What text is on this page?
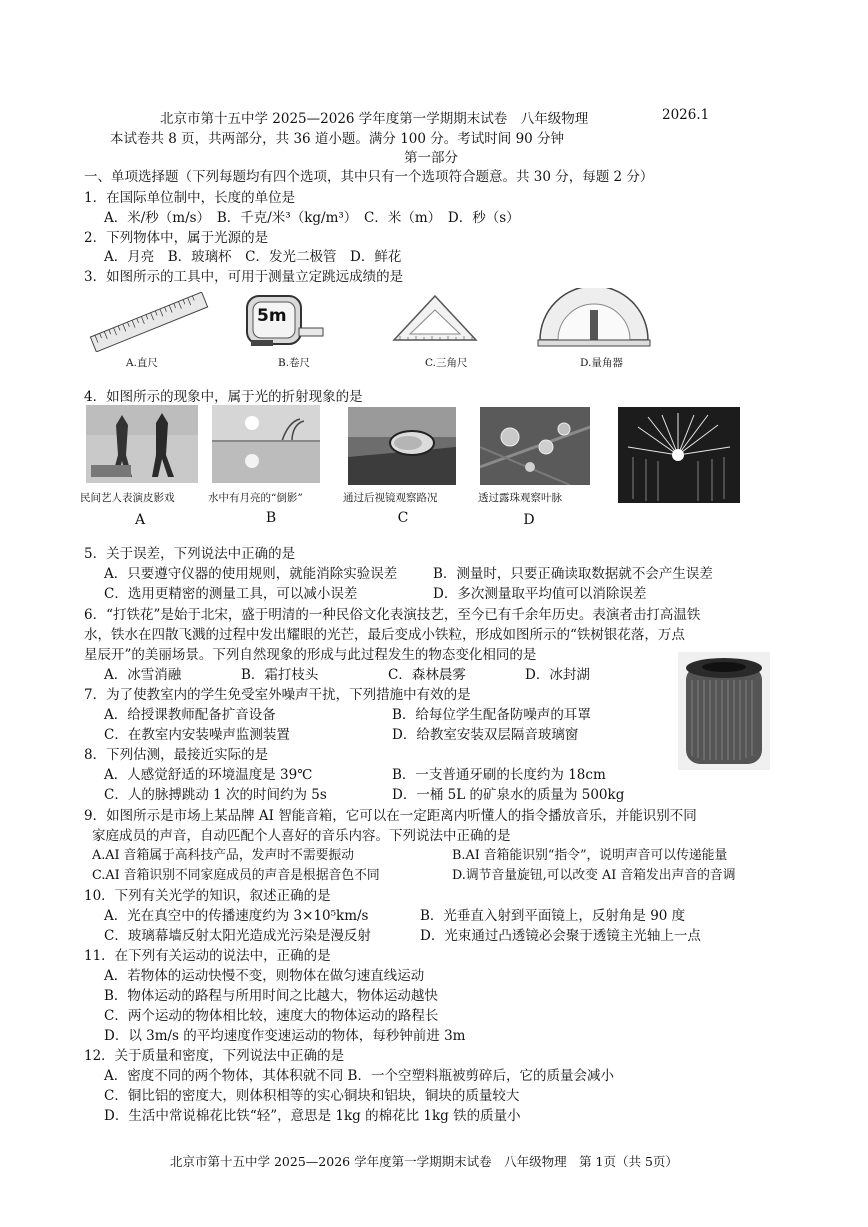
北京市第十五中学 2025—2026 学年度第一学期期末试卷　八年级物理	2026.1
本试卷共 8 页，共两部分，共 36 道小题。满分 100 分。考试时间 90 分钟
第一部分
一、单项选择题（下列每题均有四个选项，其中只有一个选项符合题意。共 30 分，每题 2 分）
1．在国际单位制中，长度的单位是
A．米/秒（m/s）　B．千克/米³（kg/m³）　C．米（m）　D．秒（s）
2．下列物体中，属于光源的是
A．月亮　B．玻璃杯　C．发光二极管　D．鲜花
3．如图所示的工具中，可用于测量立定跳远成绩的是
5m
A.直尺	B.卷尺	C.三角尺	D.量角器
4．如图所示的现象中，属于光的折射现象的是
民间艺人表演皮影戏	水中有月亮的“倒影”	通过后视镜观察路况	透过露珠观察叶脉
A	B	C	D
5．关于误差，下列说法中正确的是
A．只要遵守仪器的使用规则，就能消除实验误差	B．测量时，只要正确读取数据就不会产生误差
C．选用更精密的测量工具，可以减小误差	D．多次测量取平均值可以消除误差
6．“打铁花”是始于北宋，盛于明清的一种民俗文化表演技艺，至今已有千余年历史。表演者击打高温铁
水，铁水在四散飞溅的过程中发出耀眼的光芒，最后变成小铁粒，形成如图所示的“铁树银花落，万点
星辰开”的美丽场景。下列自然现象的形成与此过程发生的物态变化相同的是
A．冰雪消融	B．霜打枝头	C．森林晨雾	D．冰封湖
7．为了使教室内的学生免受室外噪声干扰，下列措施中有效的是
A．给授课教师配备扩音设备	B．给每位学生配备防噪声的耳罩
C．在教室内安装噪声监测装置	D．给教室安装双层隔音玻璃窗
8．下列估测，最接近实际的是
A．人感觉舒适的环境温度是 39℃	B．一支普通牙刷的长度约为 18cm
C．人的脉搏跳动 1 次的时间约为 5s	D．一桶 5L 的矿泉水的质量为 500kg
9．如图所示是市场上某品牌 AI 智能音箱，它可以在一定距离内听懂人的指令播放音乐，并能识别不同
家庭成员的声音，自动匹配个人喜好的音乐内容。下列说法中正确的是
A.AI 音箱属于高科技产品，发声时不需要振动	B.AI 音箱能识别“指令”，说明声音可以传递能量
C.AI 音箱识别不同家庭成员的声音是根据音色不同	D.调节音量旋钮,可以改变 AI 音箱发出声音的音调
10．下列有关光学的知识，叙述正确的是
A．光在真空中的传播速度约为 3×10⁵km/s	B．光垂直入射到平面镜上，反射角是 90 度
C．玻璃幕墙反射太阳光造成光污染是漫反射	D．光束通过凸透镜必会聚于透镜主光轴上一点
11．在下列有关运动的说法中，正确的是
A．若物体的运动快慢不变，则物体在做匀速直线运动
B．物体运动的路程与所用时间之比越大，物体运动越快
C．两个运动的物体相比较，速度大的物体运动的路程长
D．以 3m/s 的平均速度作变速运动的物体，每秒钟前进 3m
12．关于质量和密度，下列说法中正确的是
A．密度不同的两个物体，其体积就不同 B．一个空塑料瓶被剪碎后，它的质量会减小
C．铜比铝的密度大，则体积相等的实心铜块和铝块，铜块的质量较大
D．生活中常说棉花比铁“轻”，意思是 1kg 的棉花比 1kg 铁的质量小
北京市第十五中学 2025—2026 学年度第一学期期末试卷　八年级物理　第 1页（共 5页）
